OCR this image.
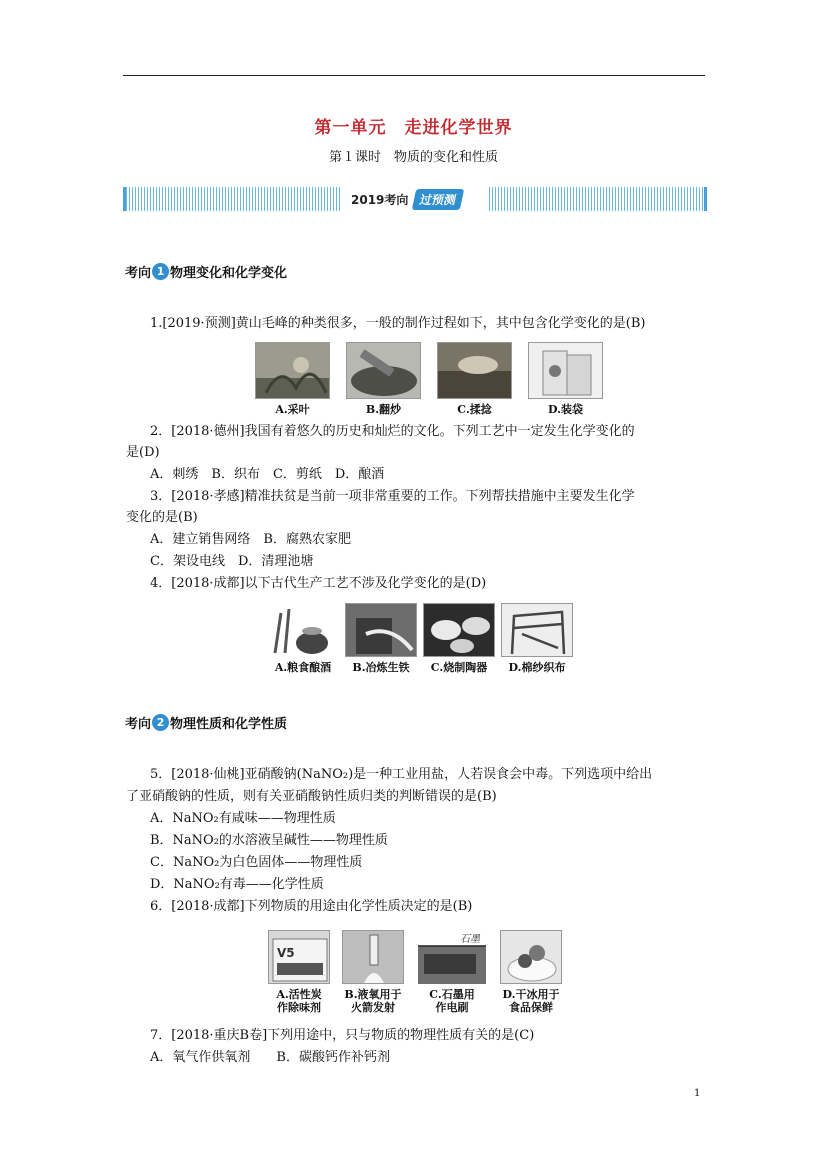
第一单元　走进化学世界
第１课时　物质的变化和性质
2019考向 过预测
考向 1 物理变化和化学变化
1.[2019·预测]黄山毛峰的种类很多，一般的制作过程如下，其中包含化学变化的是(B)
A.采叶	B.翻炒	C.揉捻	D.装袋
2．[2018·德州]我国有着悠久的历史和灿烂的文化。下列工艺中一定发生化学变化的
是(D)
A．刺绣　B．织布　C．剪纸　D．酿酒
3．[2018·孝感]精准扶贫是当前一项非常重要的工作。下列帮扶措施中主要发生化学
变化的是(B)
A．建立销售网络　B．腐熟农家肥
C．架设电线　D．清理池塘
4．[2018·成都]以下古代生产工艺不涉及化学变化的是(D)
A.粮食酿酒 B.冶炼生铁 C.烧制陶器 D.棉纱织布
考向 2 物理性质和化学性质
5．[2018·仙桃]亚硝酸钠(NaNO₂)是一种工业用盐，人若误食会中毒。下列选项中给出
了亚硝酸钠的性质，则有关亚硝酸钠性质归类的判断错误的是(B)
A．NaNO₂有咸味——物理性质
B．NaNO₂的水溶液呈碱性——物理性质
C．NaNO₂为白色固体——物理性质
D．NaNO₂有毒——化学性质
6．[2018·成都]下列物质的用途由化学性质决定的是(B)
V5
A.活性炭
作除味剂
B.液氧用于
火箭发射
石墨
C.石墨用
作电刷
D.干冰用于
食品保鲜
7．[2018·重庆B卷]下列用途中，只与物质的物理性质有关的是(C)
A．氧气作供氧剂　　B．碳酸钙作补钙剂
1
